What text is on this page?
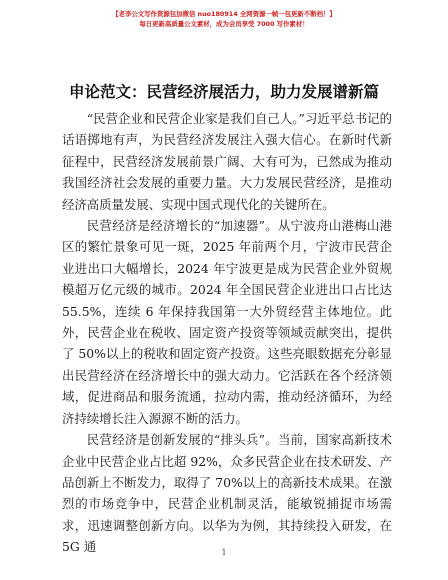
【老李公文写作资源包加微信 nuo180914 全网资源一帧一包更新不断档！】
每日更新高质量公文素材，成为会员享受 7000 写作素材！
申论范文：民营经济展活力，助力发展谱新篇

“民营企业和民营企业家是我们自己人。”习近平总书记的话语掷地有声，为民营经济发展注入强大信心。在新时代新征程中，民营经济发展前景广阔、大有可为，已然成为推动我国经济社会发展的重要力量。大力发展民营经济，是推动经济高质量发展、实现中国式现代化的关键所在。

民营经济是经济增长的“加速器”。从宁波舟山港梅山港区的繁忙景象可见一斑，2025 年前两个月，宁波市民营企业进出口大幅增长，2024 年宁波更是成为民营企业外贸规模超万亿元级的城市。2024 年全国民营企业进出口占比达 55.5%，连续 6 年保持我国第一大外贸经营主体地位。此外，民营企业在税收、固定资产投资等领域贡献突出，提供了 50%以上的税收和固定资产投资。这些亮眼数据充分彰显出民营经济在经济增长中的强大动力。它活跃在各个经济领域，促进商品和服务流通，拉动内需，推动经济循环，为经济持续增长注入源源不断的活力。

民营经济是创新发展的“排头兵”。当前，国家高新技术企业中民营企业占比超 92%，众多民营企业在技术研发、产品创新上不断发力，取得了 70%以上的高新技术成果。在激烈的市场竞争中，民营企业机制灵活，能敏锐捕捉市场需求，迅速调整创新方向。以华为为例，其持续投入研发，在 5G 通	1
